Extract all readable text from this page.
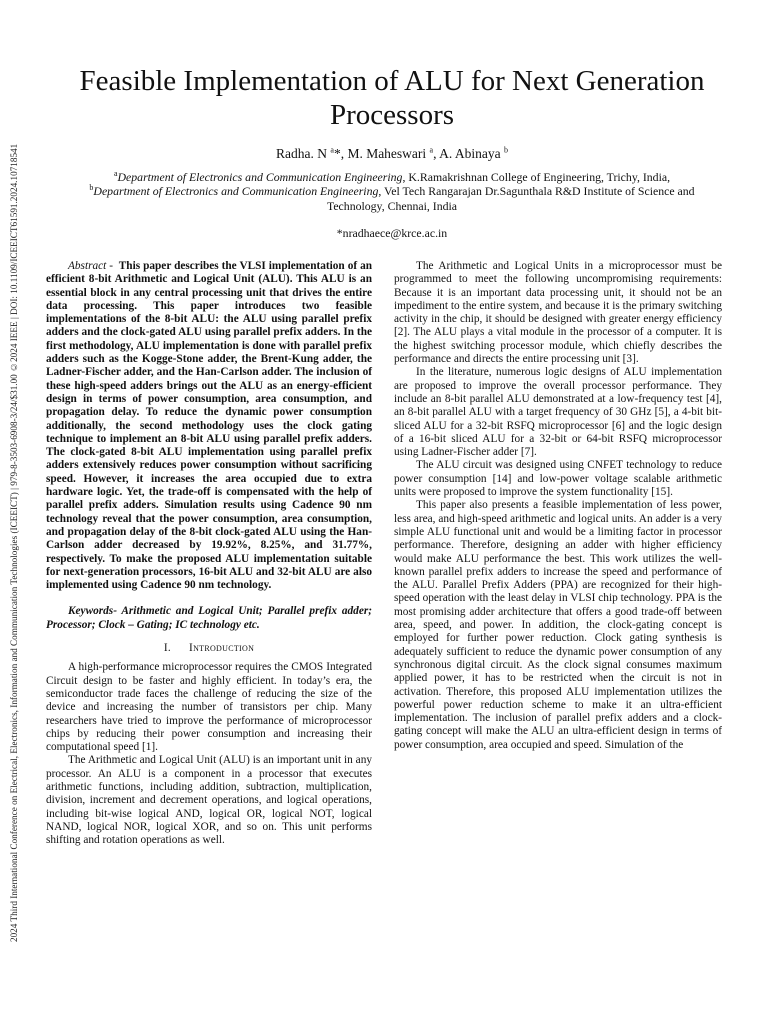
2024 Third International Conference on Electrical, Electronics, Information and Communication Technologies (ICEEICT) | 979-8-3503-6908-3/24/$31.00 ©2024 IEEE | DOI: 10.1109/ICEEICT61591.2024.10718541
Feasible Implementation of ALU for Next Generation Processors
Radha. N $^a$*, M. Maheswari $^a$, A. Abinaya $^b$
$^a$Department of Electronics and Communication Engineering, K.Ramakrishnan College of Engineering, Trichy, India,
$^b$Department of Electronics and Communication Engineering, Vel Tech Rangarajan Dr.Sagunthala R&D Institute of Science and Technology, Chennai, India
*nradhaece@krce.ac.in

Abstract - This paper describes the VLSI implementation of an efficient 8-bit Arithmetic and Logical Unit (ALU). This ALU is an essential block in any central processing unit that drives the entire data processing. This paper introduces two feasible implementations of the 8-bit ALU: the ALU using parallel prefix adders and the clock-gated ALU using parallel prefix adders. In the first methodology, ALU implementation is done with parallel prefix adders such as the Kogge-Stone adder, the Brent-Kung adder, the Ladner-Fischer adder, and the Han-Carlson adder. The inclusion of these high-speed adders brings out the ALU as an energy-efficient design in terms of power consumption, area consumption, and propagation delay. To reduce the dynamic power consumption additionally, the second methodology uses the clock gating technique to implement an 8-bit ALU using parallel prefix adders. The clock-gated 8-bit ALU implementation using parallel prefix adders extensively reduces power consumption without sacrificing speed. However, it increases the area occupied due to extra hardware logic. Yet, the trade-off is compensated with the help of parallel prefix adders. Simulation results using Cadence 90 nm technology reveal that the power consumption, area consumption, and propagation delay of the 8-bit clock-gated ALU using the Han-Carlson adder decreased by 19.92%, 8.25%, and 31.77%, respectively. To make the proposed ALU implementation suitable for next-generation processors, 16-bit ALU and 32-bit ALU are also implemented using Cadence 90 nm technology.

Keywords- Arithmetic and Logical Unit; Parallel prefix adder; Processor; Clock – Gating; IC technology etc.

I. Introduction

A high-performance microprocessor requires the CMOS Integrated Circuit design to be faster and highly efficient. In today’s era, the semiconductor trade faces the challenge of reducing the size of the device and increasing the number of transistors per chip. Many researchers have tried to improve the performance of microprocessor chips by reducing their power consumption and increasing their computational speed [1].

The Arithmetic and Logical Unit (ALU) is an important unit in any processor. An ALU is a component in a processor that executes arithmetic functions, including addition, subtraction, multiplication, division, increment and decrement operations, and logical operations, including bit-wise logical AND, logical OR, logical NOT, logical NAND, logical NOR, logical XOR, and so on. This unit performs shifting and rotation operations as well.

The Arithmetic and Logical Units in a microprocessor must be programmed to meet the following uncompromising requirements: Because it is an important data processing unit, it should not be an impediment to the entire system, and because it is the primary switching activity in the chip, it should be designed with greater energy efficiency [2]. The ALU plays a vital module in the processor of a computer. It is the highest switching processor module, which chiefly describes the performance and directs the entire processing unit [3].

In the literature, numerous logic designs of ALU implementation are proposed to improve the overall processor performance. They include an 8-bit parallel ALU demonstrated at a low-frequency test [4], an 8-bit parallel ALU with a target frequency of 30 GHz [5], a 4-bit bit-sliced ALU for a 32-bit RSFQ microprocessor [6] and the logic design of a 16-bit sliced ALU for a 32-bit or 64-bit RSFQ microprocessor using Ladner-Fischer adder [7].

The ALU circuit was designed using CNFET technology to reduce power consumption [14] and low-power voltage scalable arithmetic units were proposed to improve the system functionality [15].

This paper also presents a feasible implementation of less power, less area, and high-speed arithmetic and logical units. An adder is a very simple ALU functional unit and would be a limiting factor in processor performance. Therefore, designing an adder with higher efficiency would make ALU performance the best. This work utilizes the well-known parallel prefix adders to increase the speed and performance of the ALU. Parallel Prefix Adders (PPA) are recognized for their high-speed operation with the least delay in VLSI chip technology. PPA is the most promising adder architecture that offers a good trade-off between area, speed, and power. In addition, the clock-gating concept is employed for further power reduction. Clock gating synthesis is adequately sufficient to reduce the dynamic power consumption of any synchronous digital circuit. As the clock signal consumes maximum applied power, it has to be restricted when the circuit is not in activation. Therefore, this proposed ALU implementation utilizes the powerful power reduction scheme to make it an ultra-efficient implementation. The inclusion of parallel prefix adders and a clock-gating concept will make the ALU an ultra-efficient design in terms of power consumption, area occupied and speed. Simulation of the
